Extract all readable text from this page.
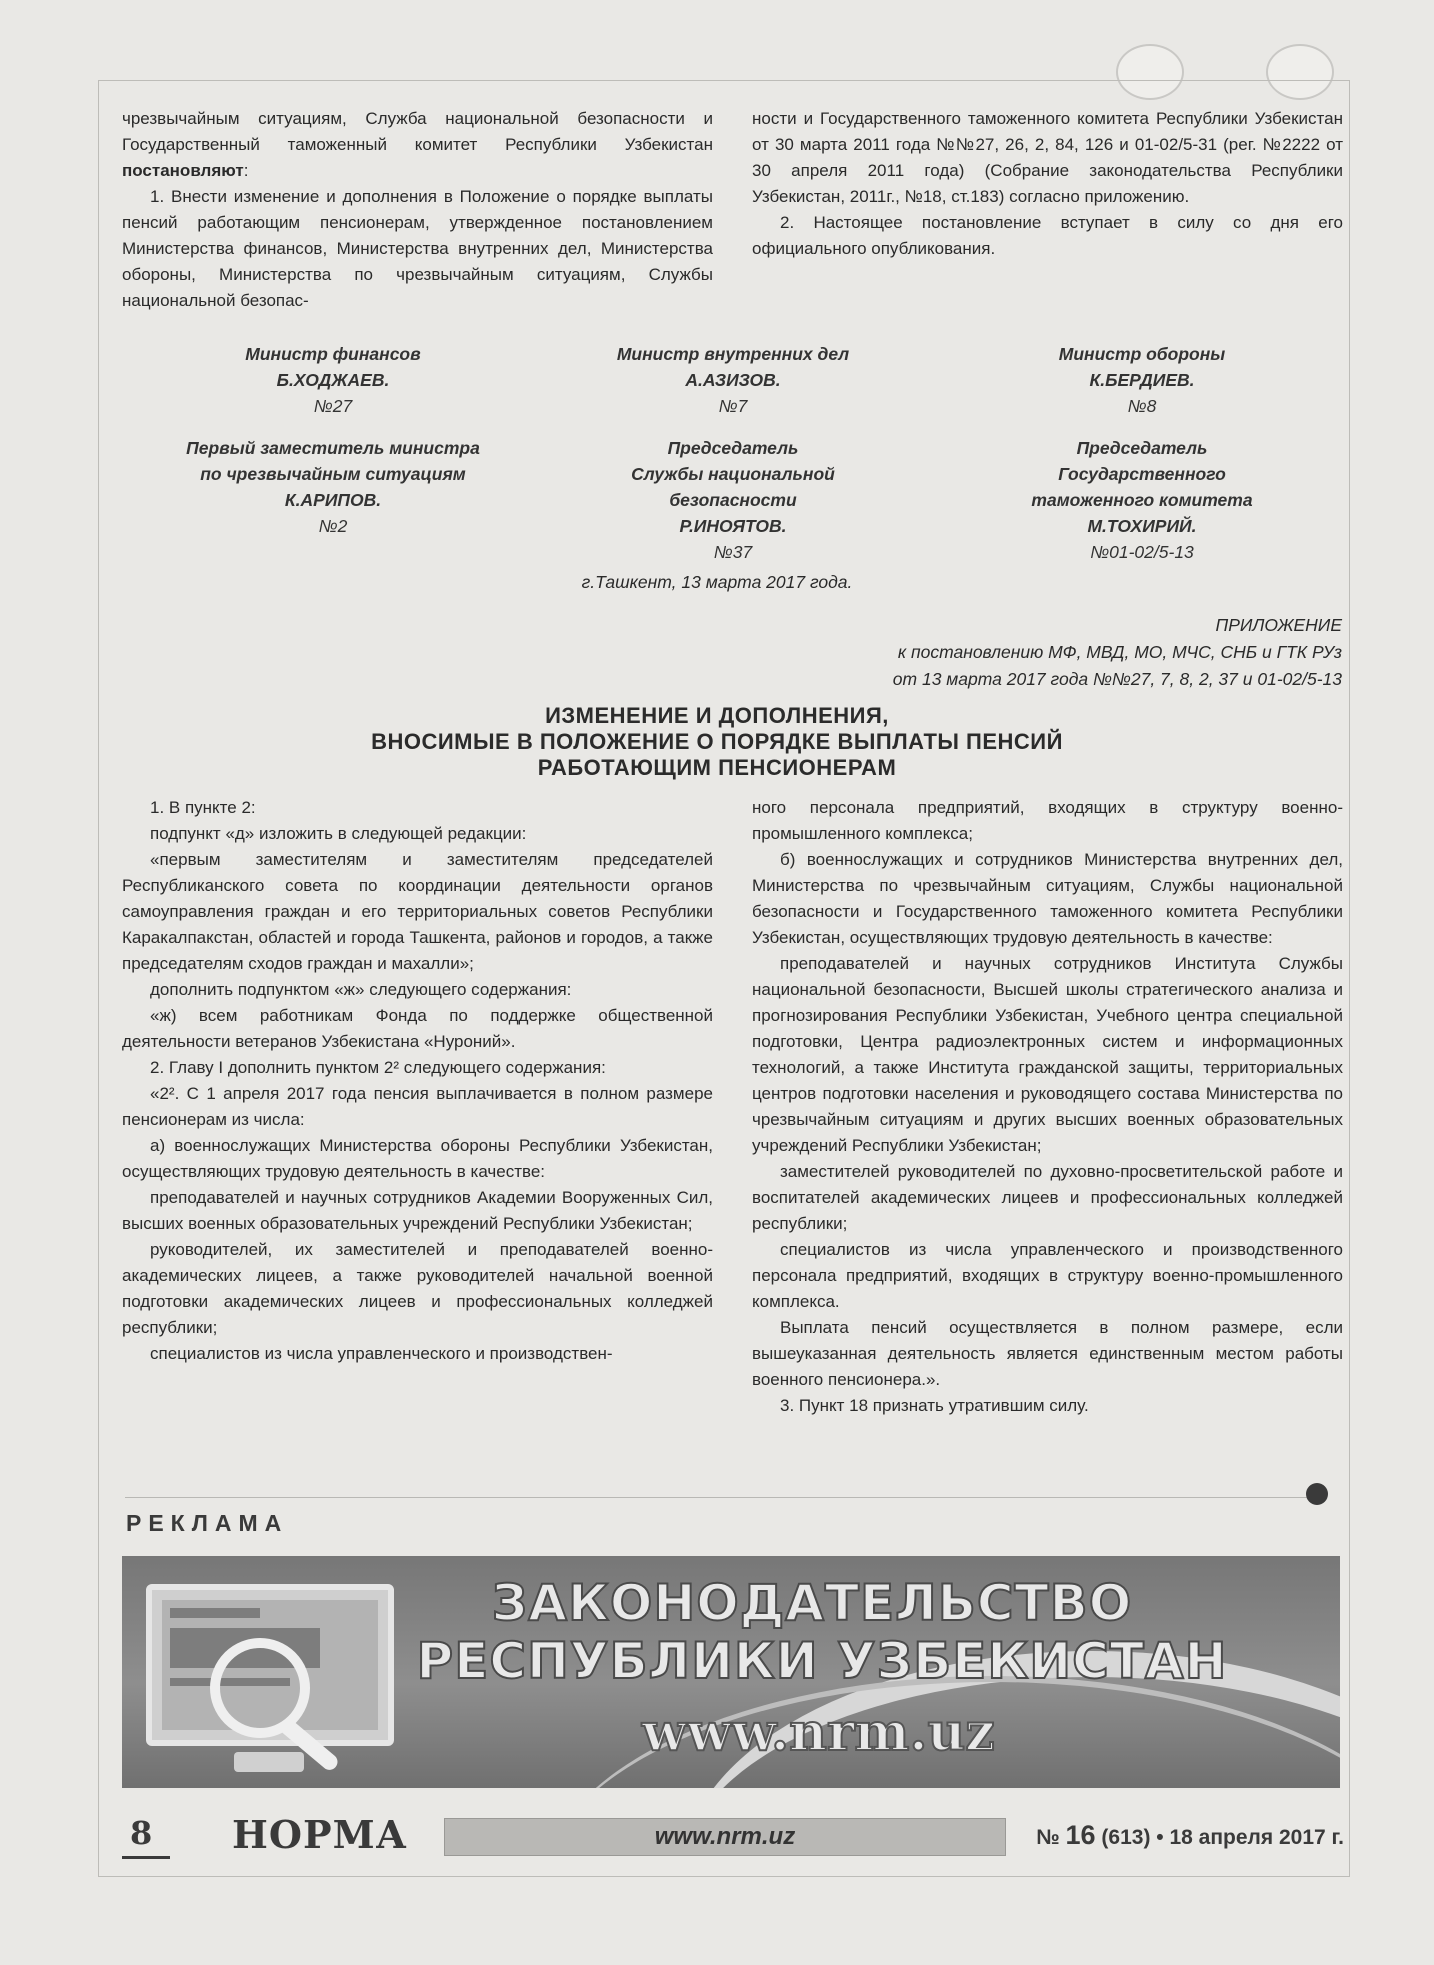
чрезвычайным ситуациям, Служба национальной безопасности и Государственный таможенный комитет Республики Узбекистан постановляют:

1. Внести изменение и дополнения в Положение о порядке выплаты пенсий работающим пенсионерам, утвержденное постановлением Министерства финансов, Министерства внутренних дел, Министерства обороны, Министерства по чрезвычайным ситуациям, Службы национальной безопас-

ности и Государственного таможенного комитета Республики Узбекистан от 30 марта 2011 года №№27, 26, 2, 84, 126 и 01-02/5-31 (рег. №2222 от 30 апреля 2011 года) (Собрание законодательства Республики Узбекистан, 2011г., №18, ст.183) согласно приложению.

2. Настоящее постановление вступает в силу со дня его официального опубликования.

Министр финансов
Б.ХОДЖАЕВ.
№27
Министр внутренних дел
А.АЗИЗОВ.
№7
Министр обороны
К.БЕРДИЕВ.
№8
Первый заместитель министра
по чрезвычайным ситуациям
К.АРИПОВ.
№2
Председатель
Службы национальной
безопасности
Р.ИНОЯТОВ.
№37
Председатель
Государственного
таможенного комитета
М.ТОХИРИЙ.
№01-02/5-13
г.Ташкент, 13 марта 2017 года.
ПРИЛОЖЕНИЕ
к постановлению МФ, МВД, МО, МЧС, СНБ и ГТК РУз
от 13 марта 2017 года №№27, 7, 8, 2, 37 и 01-02/5-13
ИЗМЕНЕНИЕ И ДОПОЛНЕНИЯ,
ВНОСИМЫЕ В ПОЛОЖЕНИЕ О ПОРЯДКЕ ВЫПЛАТЫ ПЕНСИЙ
РАБОТАЮЩИМ ПЕНСИОНЕРАМ

1. В пункте 2:

подпункт «д» изложить в следующей редакции:

«первым заместителям и заместителям председателей Республиканского совета по координации деятельности органов самоуправления граждан и его территориальных советов Республики Каракалпакстан, областей и города Ташкента, районов и городов, а также председателям сходов граждан и махалли»;

дополнить подпунктом «ж» следующего содержания:

«ж) всем работникам Фонда по поддержке общественной деятельности ветеранов Узбекистана «Нуроний».

2. Главу I дополнить пунктом 2² следующего содержания:

«2². С 1 апреля 2017 года пенсия выплачивается в полном размере пенсионерам из числа:

а) военнослужащих Министерства обороны Республики Узбекистан, осуществляющих трудовую деятельность в качестве:

преподавателей и научных сотрудников Академии Вооруженных Сил, высших военных образовательных учреждений Республики Узбекистан;

руководителей, их заместителей и преподавателей военно-академических лицеев, а также руководителей начальной военной подготовки академических лицеев и профессиональных колледжей республики;

специалистов из числа управленческого и производствен-

ного персонала предприятий, входящих в структуру военно-промышленного комплекса;

б) военнослужащих и сотрудников Министерства внутренних дел, Министерства по чрезвычайным ситуациям, Службы национальной безопасности и Государственного таможенного комитета Республики Узбекистан, осуществляющих трудовую деятельность в качестве:

преподавателей и научных сотрудников Института Службы национальной безопасности, Высшей школы стратегического анализа и прогнозирования Республики Узбекистан, Учебного центра специальной подготовки, Центра радиоэлектронных систем и информационных технологий, а также Института гражданской защиты, территориальных центров подготовки населения и руководящего состава Министерства по чрезвычайным ситуациям и других высших военных образовательных учреждений Республики Узбекистан;

заместителей руководителей по духовно-просветительской работе и воспитателей академических лицеев и профессиональных колледжей республики;

специалистов из числа управленческого и производственного персонала предприятий, входящих в структуру военно-промышленного комплекса.

Выплата пенсий осуществляется в полном размере, если вышеуказанная деятельность является единственным местом работы военного пенсионера.».

3. Пункт 18 признать утратившим силу.

РЕКЛАМА
ЗАКОНОДАТЕЛЬСТВО
РЕСПУБЛИКИ УЗБЕКИСТАН
www.nrm.uz
8 НОРМА	www.nrm.uz	№ 16 (613) • 18 апреля 2017 г.
